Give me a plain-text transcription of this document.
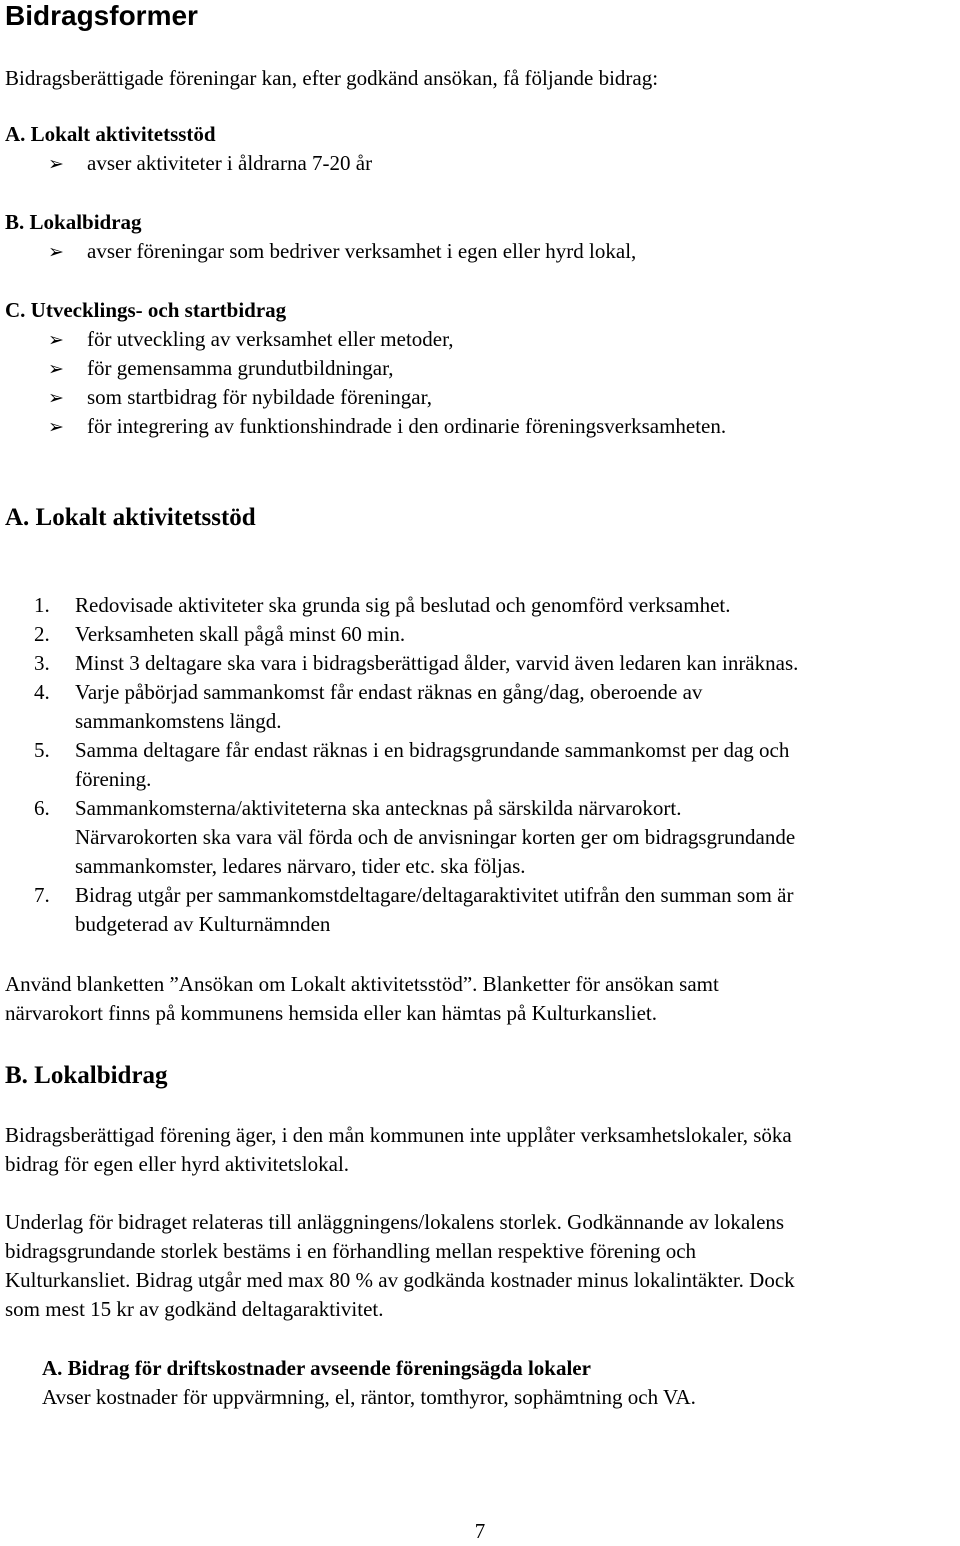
Bidragsformer
Bidragsberättigade föreningar kan, efter godkänd ansökan, få följande bidrag:
A. Lokalt aktivitetsstöd
➢ avser aktiviteter i åldrarna 7-20 år
B. Lokalbidrag
➢ avser föreningar som bedriver verksamhet i egen eller hyrd lokal,
C. Utvecklings- och startbidrag
➢ för utveckling av verksamhet eller metoder,
➢ för gemensamma grundutbildningar,
➢ som startbidrag för nybildade föreningar,
➢ för integrering av funktionshindrade i den ordinarie föreningsverksamheten.
A. Lokalt aktivitetsstöd
1. Redovisade aktiviteter ska grunda sig på beslutad och genomförd verksamhet.
2. Verksamheten skall pågå minst 60 min.
3. Minst 3 deltagare ska vara i bidragsberättigad ålder, varvid även ledaren kan inräknas.
4. Varje påbörjad sammankomst får endast räknas en gång/dag, oberoende av
sammankomstens längd.
5. Samma deltagare får endast räknas i en bidragsgrundande sammankomst per dag och
förening.
6. Sammankomsterna/aktiviteterna ska antecknas på särskilda närvarokort.
Närvarokorten ska vara väl förda och de anvisningar korten ger om bidragsgrundande
sammankomster, ledares närvaro, tider etc. ska följas.
7. Bidrag utgår per sammankomstdeltagare/deltagaraktivitet utifrån den summan som är
budgeterad av Kulturnämnden
Använd blanketten ”Ansökan om Lokalt aktivitetsstöd”. Blanketter för ansökan samt
närvarokort finns på kommunens hemsida eller kan hämtas på Kulturkansliet.
B. Lokalbidrag
Bidragsberättigad förening äger, i den mån kommunen inte upplåter verksamhetslokaler, söka
bidrag för egen eller hyrd aktivitetslokal.
Underlag för bidraget relateras till anläggningens/lokalens storlek. Godkännande av lokalens
bidragsgrundande storlek bestäms i en förhandling mellan respektive förening och
Kulturkansliet. Bidrag utgår med max 80 % av godkända kostnader minus lokalintäkter. Dock
som mest 15 kr av godkänd deltagaraktivitet.
A. Bidrag för driftskostnader avseende föreningsägda lokaler
Avser kostnader för uppvärmning, el, räntor, tomthyror, sophämtning och VA.
7
